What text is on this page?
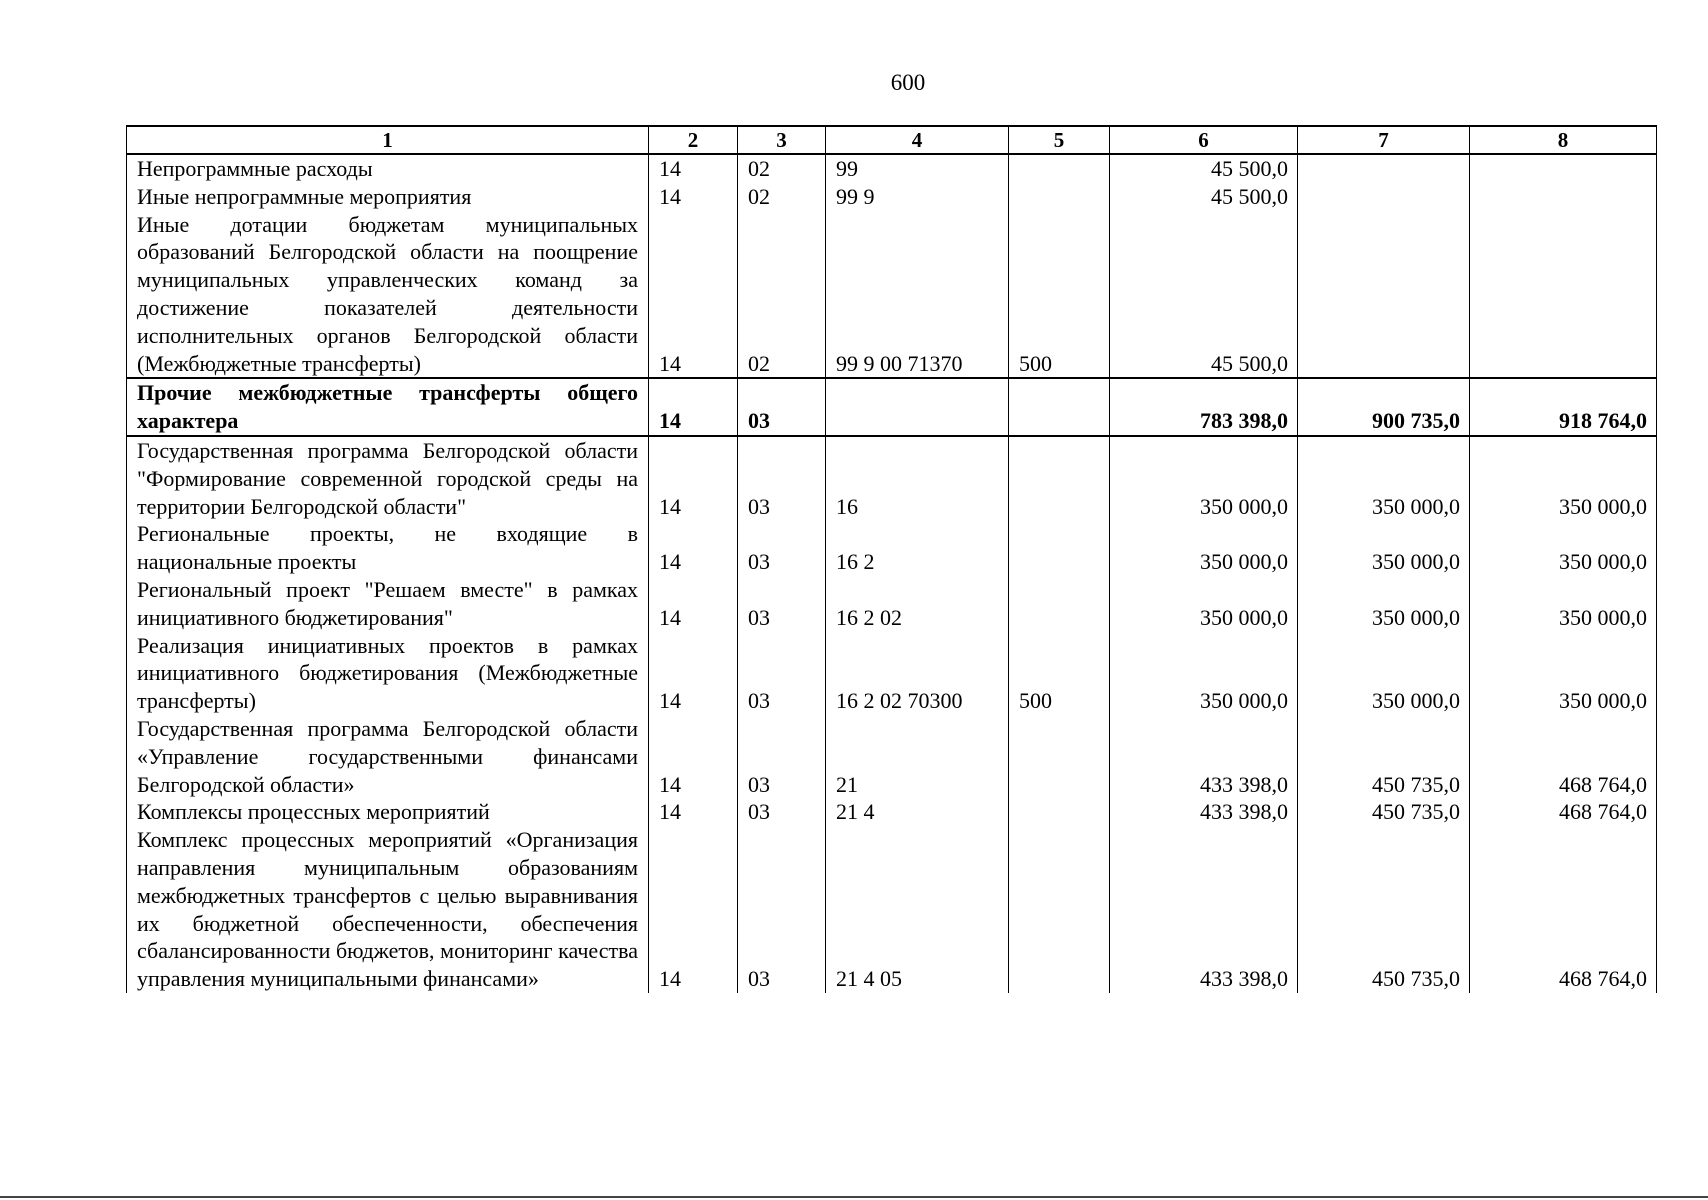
600
1	2	3	4	5	6	7	8
Непрограммные расходы	14	02	99		45 500,0		
Иные непрограммные мероприятия	14	02	99 9		45 500,0		
Иные дотации бюджетам муниципальных образований Белгородской области на поощрение муниципальных управленческих команд за достижение показателей деятельности исполнительных органов Белгородской области (Межбюджетные трансферты)	14	02	99 9 00 71370	500	45 500,0		
Прочие межбюджетные трансферты общего характера	14	03			783 398,0	900 735,0	918 764,0
Государственная программа Белгородской области "Формирование современной городской среды на территории Белгородской области"	14	03	16		350 000,0	350 000,0	350 000,0
Региональные проекты, не входящие в национальные проекты	14	03	16 2		350 000,0	350 000,0	350 000,0
Региональный проект "Решаем вместе" в рамках инициативного бюджетирования"	14	03	16 2 02		350 000,0	350 000,0	350 000,0
Реализация инициативных проектов в рамках инициативного бюджетирования (Межбюджетные трансферты)	14	03	16 2 02 70300	500	350 000,0	350 000,0	350 000,0
Государственная программа Белгородской области «Управление государственными финансами Белгородской области»	14	03	21		433 398,0	450 735,0	468 764,0
Комплексы процессных мероприятий	14	03	21 4		433 398,0	450 735,0	468 764,0
Комплекс процессных мероприятий «Организация направления муниципальным образованиям межбюджетных трансфертов с целью выравнивания их бюджетной обеспеченности, обеспечения сбалансированности бюджетов, мониторинг качества управления муниципальными финансами»	14	03	21 4 05		433 398,0	450 735,0	468 764,0
